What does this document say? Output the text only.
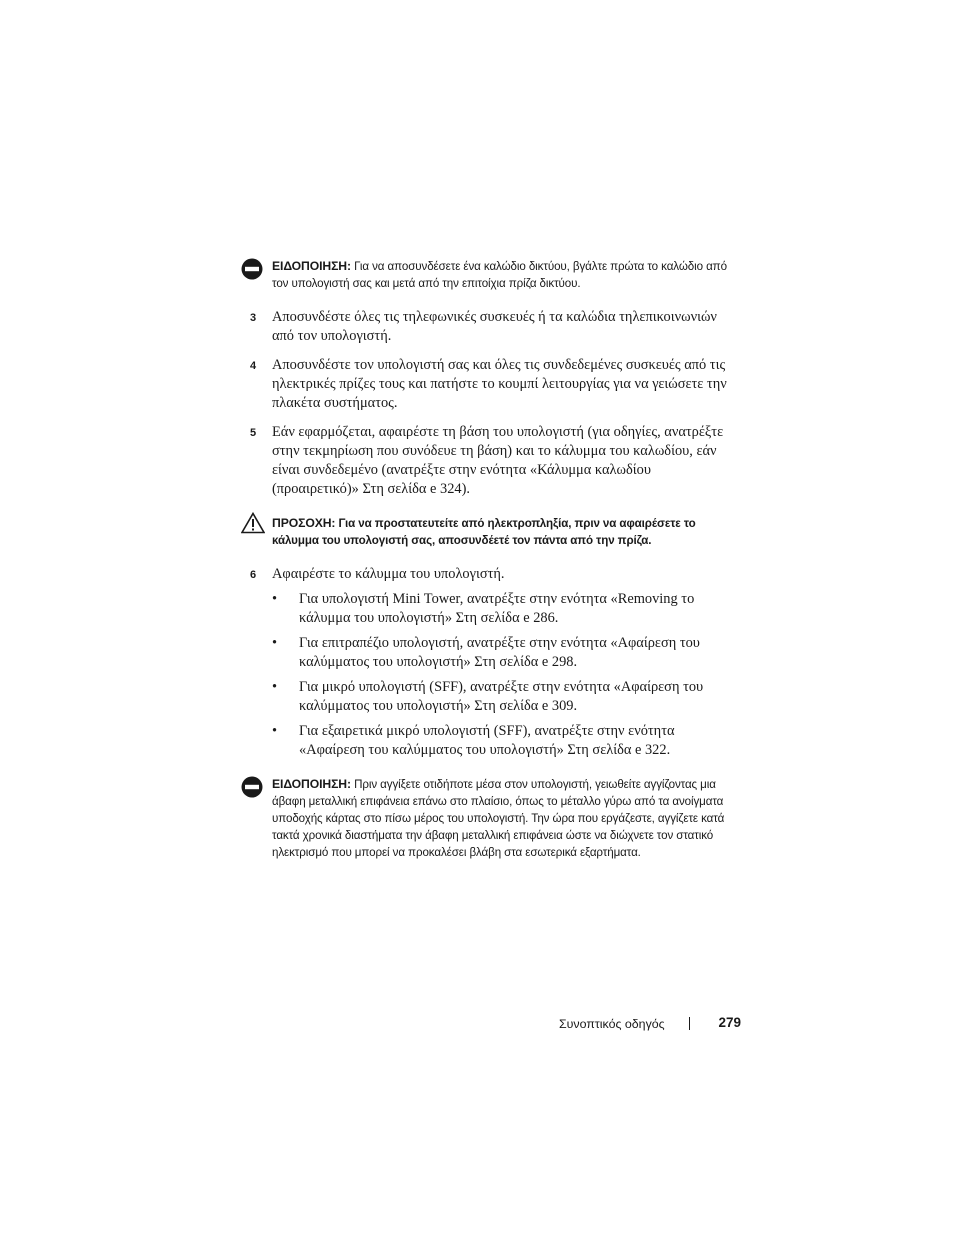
ΕΙΔΟΠΟΙΗΣΗ: Για να αποσυνδέσετε ένα καλώδιο δικτύου, βγάλτε πρώτα το καλώδιο από τον υπολογιστή σας και μετά από την επιτοίχια πρίζα δικτύου.
3 Αποσυνδέστε όλες τις τηλεφωνικές συσκευές ή τα καλώδια τηλεπικοινωνιών από τον υπολογιστή.
4 Αποσυνδέστε τον υπολογιστή σας και όλες τις συνδεδεμένες συσκευές από τις ηλεκτρικές πρίζες τους και πατήστε το κουμπί λειτουργίας για να γειώσετε την πλακέτα συστήματος.
5 Εάν εφαρμόζεται, αφαιρέστε τη βάση του υπολογιστή (για οδηγίες, ανατρέξτε στην τεκμηρίωση που συνόδευε τη βάση) και το κάλυμμα του καλωδίου, εάν είναι συνδεδεμένο (ανατρέξτε στην ενότητα «Κάλυμμα καλωδίου (προαιρετικό)» Στη σελίδα e 324).
ΠΡΟΣΟΧΗ: Για να προστατευτείτε από ηλεκτροπληξία, πριν να αφαιρέσετε το κάλυμμα του υπολογιστή σας, αποσυνδέετέ τον πάντα από την πρίζα.
6 Αφαιρέστε το κάλυμμα του υπολογιστή.
• Για υπολογιστή Mini Tower, ανατρέξτε στην ενότητα «Removing το κάλυμμα του υπολογιστή» Στη σελίδα e 286.
• Για επιτραπέζιο υπολογιστή, ανατρέξτε στην ενότητα «Αφαίρεση του καλύμματος του υπολογιστή» Στη σελίδα e 298.
• Για μικρό υπολογιστή (SFF), ανατρέξτε στην ενότητα «Αφαίρεση του καλύμματος του υπολογιστή» Στη σελίδα e 309.
• Για εξαιρετικά μικρό υπολογιστή (SFF), ανατρέξτε στην ενότητα «Αφαίρεση του καλύμματος του υπολογιστή» Στη σελίδα e 322.
ΕΙΔΟΠΟΙΗΣΗ: Πριν αγγίξετε οτιδήποτε μέσα στον υπολογιστή, γειωθείτε αγγίζοντας μια άβαφη μεταλλική επιφάνεια επάνω στο πλαίσιο, όπως το μέταλλο γύρω από τα ανοίγματα υποδοχής κάρτας στο πίσω μέρος του υπολογιστή. Την ώρα που εργάζεστε, αγγίζετε κατά τακτά χρονικά διαστήματα την άβαφη μεταλλική επιφάνεια ώστε να διώχνετε τον στατικό ηλεκτρισμό που μπορεί να προκαλέσει βλάβη στα εσωτερικά εξαρτήματα.
Συνοπτικός οδηγός	279
